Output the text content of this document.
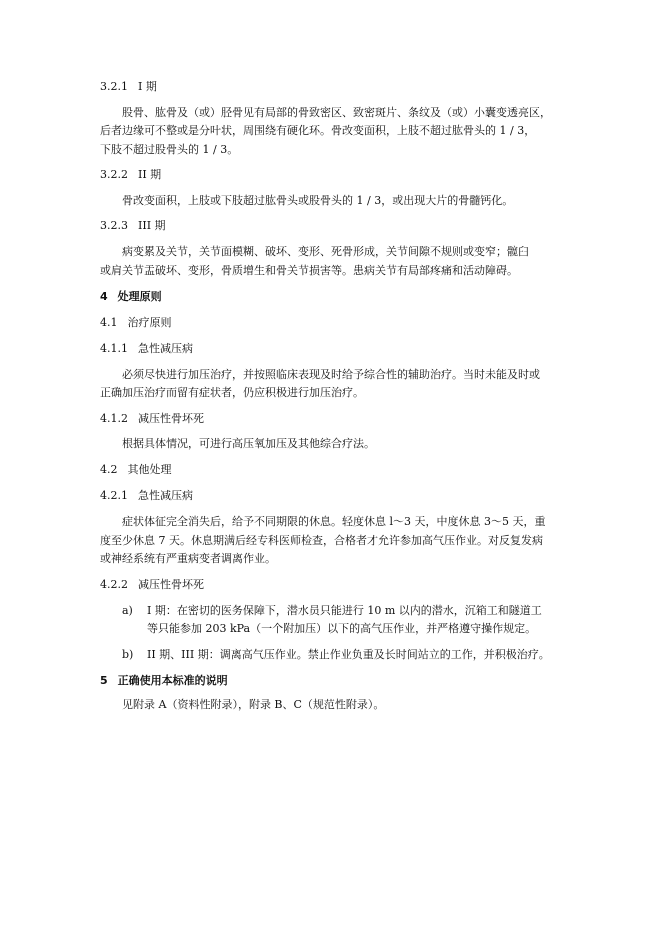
3.2.1 I 期
股骨、肱骨及（或）胫骨见有局部的骨致密区、致密斑片、条纹及（或）小囊变透亮区，
后者边缘可不整或是分叶状，周围绕有硬化环。骨改变面积，上肢不超过肱骨头的 1 / 3，
下肢不超过股骨头的 1 / 3。
3.2.2 II 期
骨改变面积，上肢或下肢超过肱骨头或股骨头的 1 / 3，或出现大片的骨髓钙化。
3.2.3 III 期
病变累及关节，关节面模糊、破坏、变形、死骨形成，关节间隙不规则或变窄；髋臼
或肩关节盂破坏、变形，骨质增生和骨关节损害等。患病关节有局部疼痛和活动障碍。
4 处理原则
4.1 治疗原则
4.1.1 急性减压病
必须尽快进行加压治疗，并按照临床表现及时给予综合性的辅助治疗。当时未能及时或
正确加压治疗而留有症状者，仍应积极进行加压治疗。
4.1.2 减压性骨坏死
根据具体情况，可进行高压氧加压及其他综合疗法。
4.2 其他处理
4.2.1 急性减压病
症状体征完全消失后，给予不同期限的休息。轻度休息 l～3 天，中度休息 3～5 天，重
度至少休息 7 天。休息期满后经专科医师检查，合格者才允许参加高气压作业。对反复发病
或神经系统有严重病变者调离作业。
4.2.2 减压性骨坏死
a) I 期：在密切的医务保障下，潜水员只能进行 10 m 以内的潜水，沉箱工和隧道工
等只能参加 203 kPa（一个附加压）以下的高气压作业，并严格遵守操作规定。
b) II 期、III 期：调离高气压作业。禁止作业负重及长时间站立的工作，并积极治疗。
5 正确使用本标准的说明
见附录 A（资料性附录），附录 B、C（规范性附录）。
